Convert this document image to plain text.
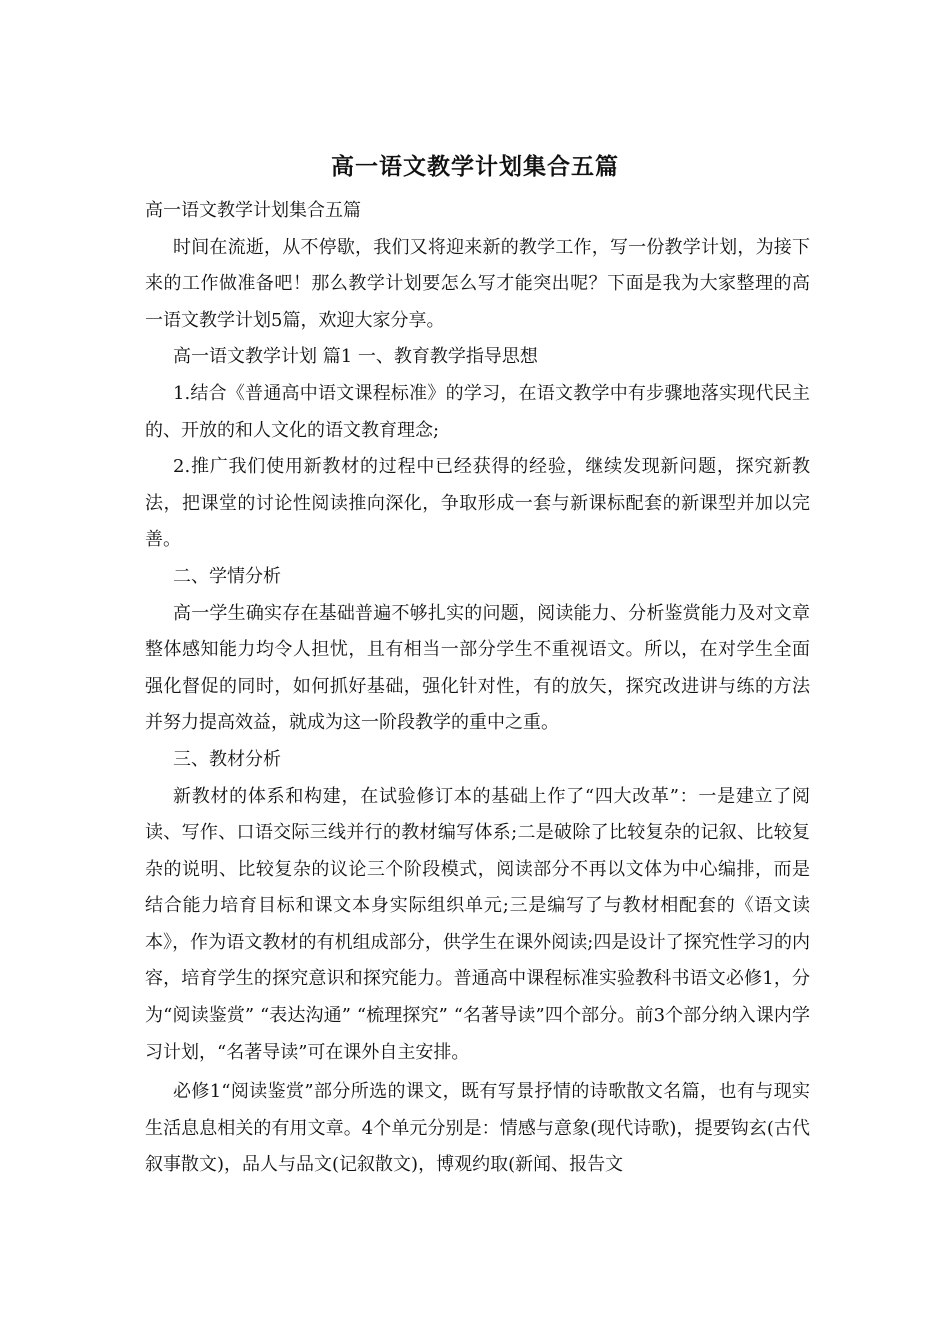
高一语文教学计划集合五篇

高一语文教学计划集合五篇

时间在流逝，从不停歇，我们又将迎来新的教学工作，写一份教学计划，为接下来的工作做准备吧！那么教学计划要怎么写才能突出呢？下面是我为大家整理的高一语文教学计划5篇，欢迎大家分享。

高一语文教学计划 篇1 一、教育教学指导思想

1.结合《普通高中语文课程标准》的学习，在语文教学中有步骤地落实现代民主的、开放的和人文化的语文教育理念;

2.推广我们使用新教材的过程中已经获得的经验，继续发现新问题，探究新教法，把课堂的讨论性阅读推向深化，争取形成一套与新课标配套的新课型并加以完善。

二、学情分析

高一学生确实存在基础普遍不够扎实的问题，阅读能力、分析鉴赏能力及对文章整体感知能力均令人担忧，且有相当一部分学生不重视语文。所以，在对学生全面强化督促的同时，如何抓好基础，强化针对性，有的放矢，探究改进讲与练的方法并努力提高效益，就成为这一阶段教学的重中之重。

三、教材分析

新教材的体系和构建，在试验修订本的基础上作了“四大改革”：一是建立了阅读、写作、口语交际三线并行的教材编写体系;二是破除了比较复杂的记叙、比较复杂的说明、比较复杂的议论三个阶段模式，阅读部分不再以文体为中心编排，而是结合能力培育目标和课文本身实际组织单元;三是编写了与教材相配套的《语文读本》，作为语文教材的有机组成部分，供学生在课外阅读;四是设计了探究性学习的内容，培育学生的探究意识和探究能力。普通高中课程标准实验教科书语文必修1，分为“阅读鉴赏” “表达沟通” “梳理探究” “名著导读”四个部分。前3个部分纳入课内学习计划，“名著导读”可在课外自主安排。

必修1“阅读鉴赏”部分所选的课文，既有写景抒情的诗歌散文名篇，也有与现实生活息息相关的有用文章。4个单元分别是：情感与意象(现代诗歌)，提要钩玄(古代叙事散文)，品人与品文(记叙散文)，博观约取(新闻、报告文
